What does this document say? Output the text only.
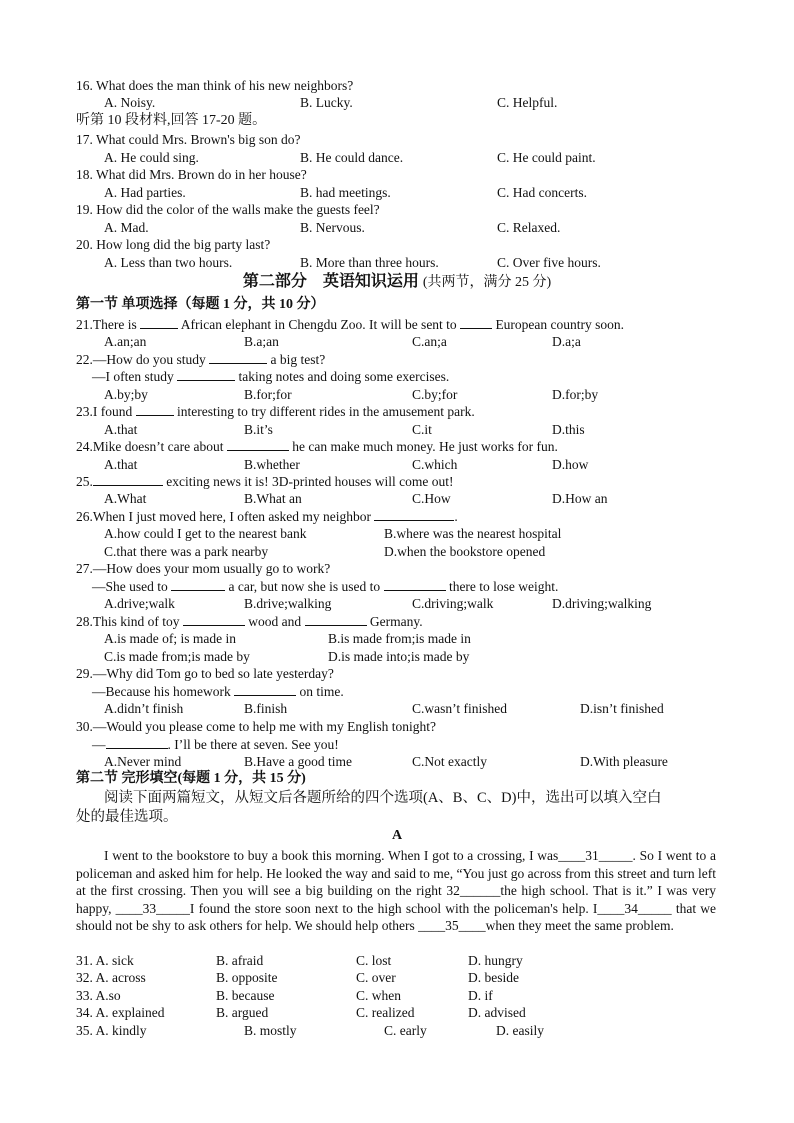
16. What does the man think of his new neighbors?
A. Noisy.	B. Lucky.	C. Helpful.
听第 10 段材料,回答 17-20 题。
17. What could Mrs. Brown's big son do?
A. He could sing.	B. He could dance.	C. He could paint.
18. What did Mrs. Brown do in her house?
A. Had parties.	B. had meetings.	C. Had concerts.
19. How did the color of the walls make the guests feel?
A. Mad.	B. Nervous.	C. Relaxed.
20. How long did the big party last?
A. Less than two hours.	B. More than three hours.	C. Over five hours.
第二部分    英语知识运用 (共两节，满分 25 分)
第一节 单项选择（每题 1 分，共 10 分）
21.There is	African elephant in Chengdu Zoo. It will be sent to	European country soon.
A.an;an	B.a;an	C.an;a	D.a;a
22.—How do you study	a big test?
—I often study	taking notes and doing some exercises.
A.by;by	B.for;for	C.by;for	D.for;by
23.I found	interesting to try different rides in the amusement park.
A.that	B.it’s	C.it	D.this
24.Mike doesn’t care about	he can make much money. He just works for fun.
A.that	B.whether	C.which	D.how
25.	exciting news it is! 3D-printed houses will come out!
A.What	B.What an	C.How	D.How an
26.When I just moved here, I often asked my neighbor	.
A.how could I get to the nearest bank	B.where was the nearest hospital
C.that there was a park nearby	D.when the bookstore opened
27.—How does your mom usually go to work?
—She used to	a car, but now she is used to	there to lose weight.
A.drive;walk	B.drive;walking	C.driving;walk	D.driving;walking
28.This kind of toy	wood and	Germany.
A.is made of; is made in	B.is made from;is made in
C.is made from;is made by	D.is made into;is made by
29.—Why did Tom go to bed so late yesterday?
—Because his homework	on time.
A.didn’t finish	B.finish	C.wasn’t finished	D.isn’t finished
30.—Would you please come to help me with my English tonight?
—	. I’ll be there at seven. See you!
A.Never mind	B.Have a good time	C.Not exactly	D.With pleasure
第二节 完形填空(每题 1 分，共 15 分)
阅读下面两篇短文，从短文后各题所给的四个选项(A、B、C、D)中，选出可以填入空白
处的最佳选项。
A
I went to the bookstore to buy a book this morning. When I got to a crossing, I was____31_____. So I went to a policeman and asked him for help. He looked the way and said to me, “You just go across from this street and turn left at the first crossing. Then you will see a big building on the right 32______the high school. That is it.” I was very happy, ____33_____I found the store soon next to the high school with the policeman's help. I____34_____ that we should not be shy to ask others for help. We should help others ____35____when they meet the same problem.
31. A. sick	B. afraid	C. lost	D. hungry
32. A. across	B. opposite	C. over	D. beside
33. A.so	B. because	C. when	D. if
34. A. explained	B. argued	C. realized	D. advised
35. A. kindly	B. mostly	C. early	D. easily
